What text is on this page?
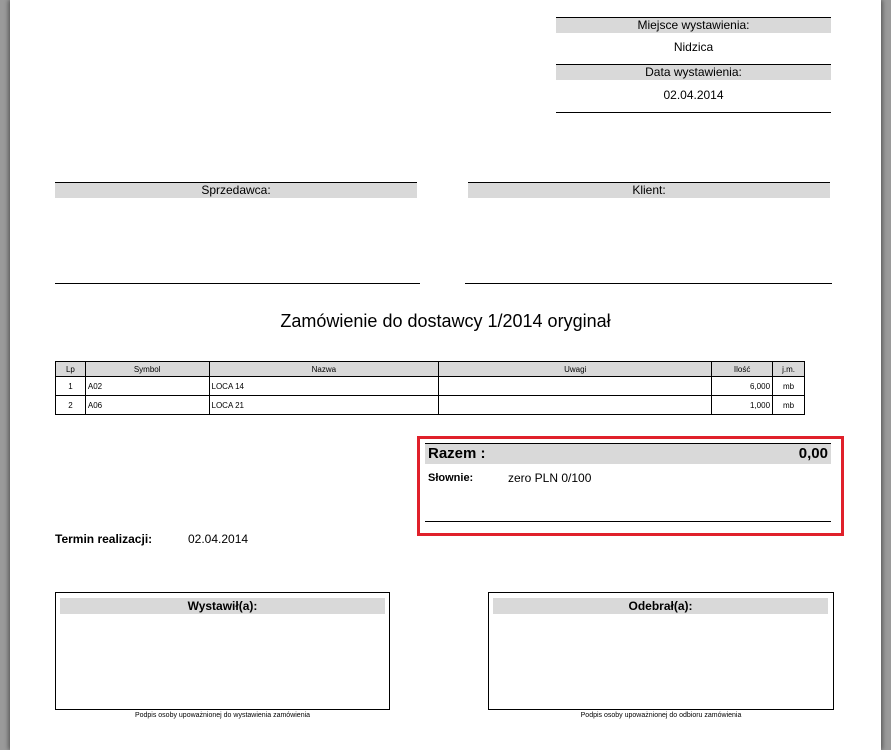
Miejsce wystawienia:
Nidzica
Data wystawienia:
02.04.2014
Sprzedawca:	Klient:
Zamówienie do dostawcy 1/2014 oryginał
Lp	Symbol	Nazwa	Uwagi	Ilość	j.m.
1	A02	LOCA 14		6,000	mb
2	A06	LOCA 21		1,000	mb
Razem :	0,00
Słownie:	zero PLN 0/100
Termin realizacji:	02.04.2014
Wystawił(a):
Podpis osoby upoważnionej do wystawienia zamówienia
Odebrał(a):
Podpis osoby upoważnionej do odbioru zamówienia
